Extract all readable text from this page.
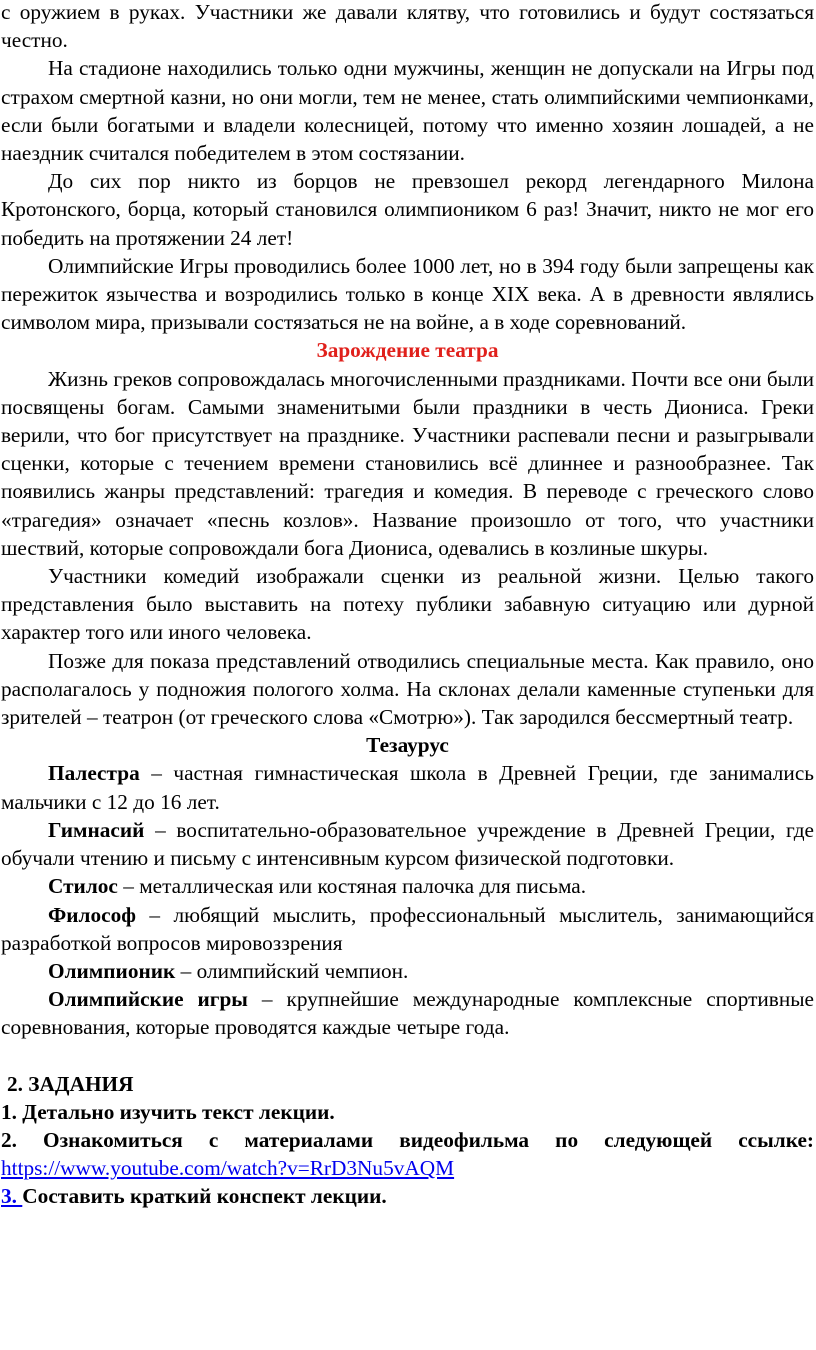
с оружием в руках. Участники же давали клятву, что готовились и будут состязаться честно.

На стадионе находились только одни мужчины, женщин не допускали на Игры под страхом смертной казни, но они могли, тем не менее, стать олимпийскими чемпионками, если были богатыми и владели колесницей, потому что именно хозяин лошадей, а не наездник считался победителем в этом состязании.

До сих пор никто из борцов не превзошел рекорд легендарного Милона Кротонского, борца, который становился олимпиоником 6 раз! Значит, никто не мог его победить на протяжении 24 лет!

Олимпийские Игры проводились более 1000 лет, но в 394 году были запрещены как пережиток язычества и возродились только в конце XIX века. А в древности являлись символом мира, призывали состязаться не на войне, а в ходе соревнований.

Зарождение театра

Жизнь греков сопровождалась многочисленными праздниками. Почти все они были посвящены богам. Самыми знаменитыми были праздники в честь Диониса. Греки верили, что бог присутствует на празднике. Участники распевали песни и разыгрывали сценки, которые с течением времени становились всё длиннее и разнообразнее. Так появились жанры представлений: трагедия и комедия. В переводе с греческого слово «трагедия» означает «песнь козлов». Название произошло от того, что участники шествий, которые сопровождали бога Диониса, одевались в козлиные шкуры.

Участники комедий изображали сценки из реальной жизни. Целью такого представления было выставить на потеху публики забавную ситуацию или дурной характер того или иного человека.

Позже для показа представлений отводились специальные места. Как правило, оно располагалось у подножия пологого холма. На склонах делали каменные ступеньки для зрителей – театрон (от греческого слова «Смотрю»). Так зародился бессмертный театр.

Тезаурус

Палестра – частная гимнастическая школа в Древней Греции, где занимались мальчики с 12 до 16 лет.

Гимнасий – воспитательно-образовательное учреждение в Древней Греции, где обучали чтению и письму с интенсивным курсом физической подготовки.

Стилос – металлическая или костяная палочка для письма.

Философ – любящий мыслить, профессиональный мыслитель, занимающийся разработкой вопросов мировоззрения

Олимпионик – олимпийский чемпион.

Олимпийские игры – крупнейшие международные комплексные спортивные соревнования, которые проводятся каждые четыре года.

2. ЗАДАНИЯ

1. Детально изучить текст лекции.

2. Ознакомиться с материалами видеофильма по следующей ссылке:

https://www.youtube.com/watch?v=RrD3Nu5vAQM

3. Составить краткий конспект лекции.
